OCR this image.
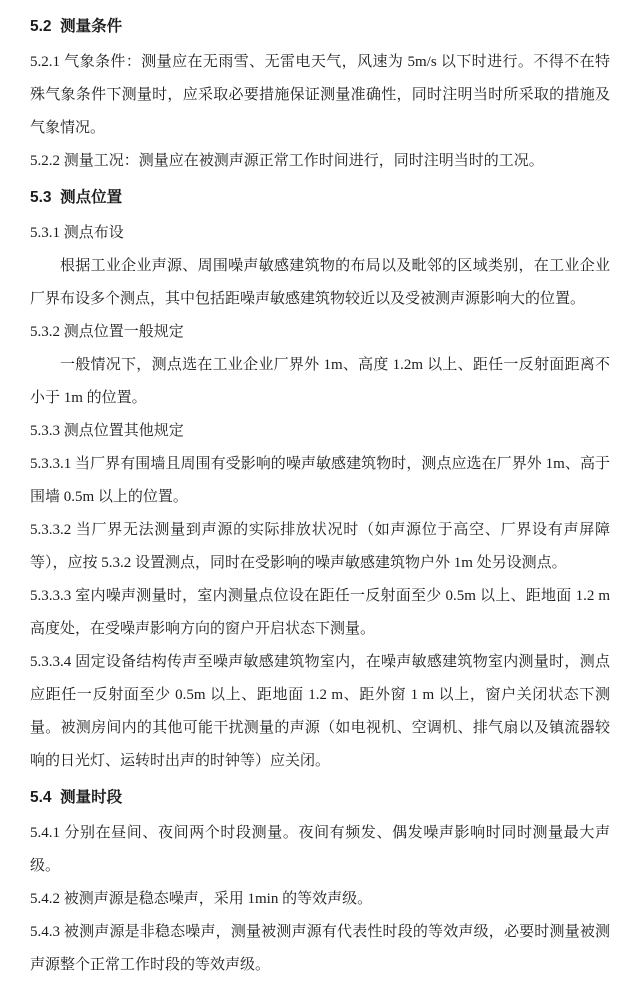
5.2  测量条件
5.2.1 气象条件：测量应在无雨雪、无雷电天气，风速为 5m/s 以下时进行。不得不在特殊气象条件下测量时，应采取必要措施保证测量准确性，同时注明当时所采取的措施及气象情况。
5.2.2 测量工况：测量应在被测声源正常工作时间进行，同时注明当时的工况。
5.3  测点位置
5.3.1 测点布设
根据工业企业声源、周围噪声敏感建筑物的布局以及毗邻的区域类别，在工业企业厂界布设多个测点，其中包括距噪声敏感建筑物较近以及受被测声源影响大的位置。
5.3.2 测点位置一般规定
一般情况下，测点选在工业企业厂界外 1m、高度 1.2m 以上、距任一反射面距离不小于 1m 的位置。
5.3.3 测点位置其他规定
5.3.3.1 当厂界有围墙且周围有受影响的噪声敏感建筑物时，测点应选在厂界外 1m、高于围墙 0.5m 以上的位置。
5.3.3.2 当厂界无法测量到声源的实际排放状况时（如声源位于高空、厂界设有声屏障等），应按 5.3.2 设置测点，同时在受影响的噪声敏感建筑物户外 1m 处另设测点。
5.3.3.3 室内噪声测量时，室内测量点位设在距任一反射面至少 0.5m 以上、距地面 1.2 m 高度处，在受噪声影响方向的窗户开启状态下测量。
5.3.3.4 固定设备结构传声至噪声敏感建筑物室内，在噪声敏感建筑物室内测量时，测点应距任一反射面至少 0.5m 以上、距地面 1.2 m、距外窗 1 m 以上，窗户关闭状态下测量。被测房间内的其他可能干扰测量的声源（如电视机、空调机、排气扇以及镇流器较响的日光灯、运转时出声的时钟等）应关闭。
5.4  测量时段
5.4.1 分别在昼间、夜间两个时段测量。夜间有频发、偶发噪声影响时同时测量最大声级。
5.4.2 被测声源是稳态噪声，采用 1min 的等效声级。
5.4.3 被测声源是非稳态噪声，测量被测声源有代表性时段的等效声级，必要时测量被测声源整个正常工作时段的等效声级。
